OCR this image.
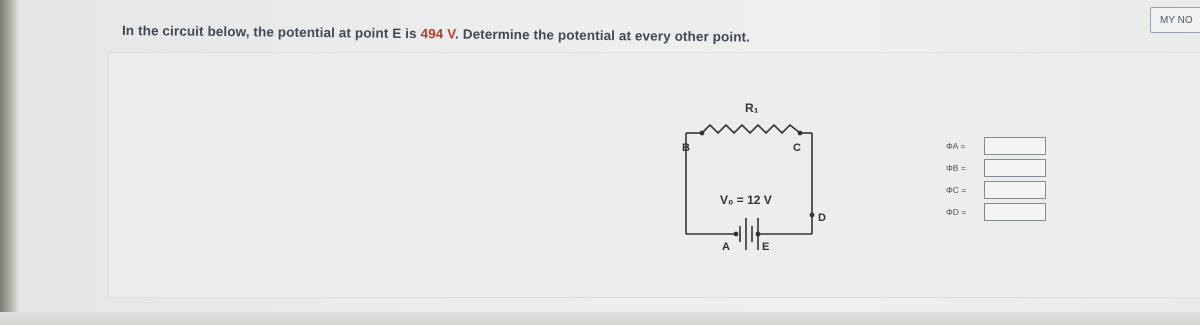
In the circuit below, the potential at point E is 494 V. Determine the potential at every other point.
MY NO
R₁
B	C
D
A	E
V₀ = 12 V
ΦA =
ΦB =
ΦC =
ΦD =
